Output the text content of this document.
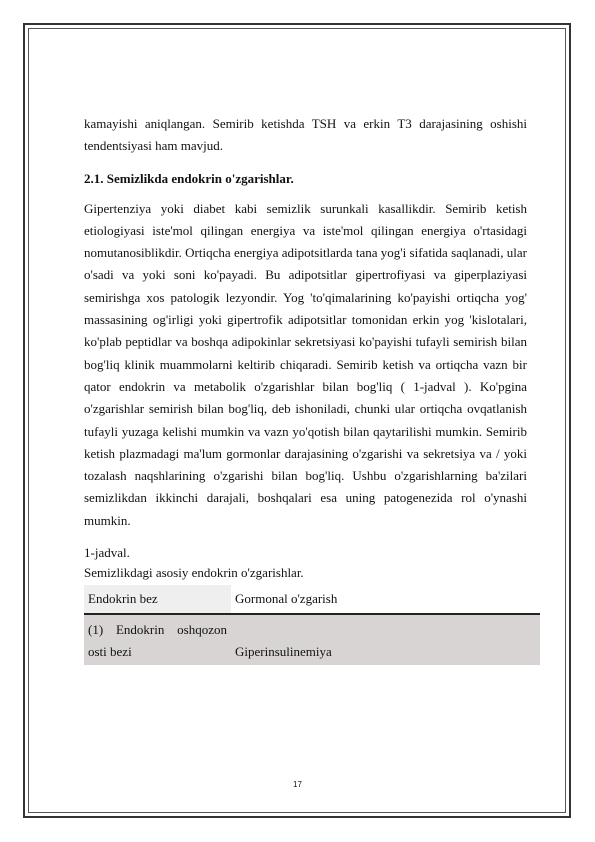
kamayishi aniqlangan. Semirib ketishda TSH va erkin T3 darajasining oshishi tendentsiyasi ham mavjud.

2.1. Semizlikda endokrin o'zgarishlar.

Gipertenziya yoki diabet kabi semizlik surunkali kasallikdir. Semirib ketish etiologiyasi iste'mol qilingan energiya va iste'mol qilingan energiya o'rtasidagi nomutanosiblikdir. Ortiqcha energiya adipotsitlarda tana yog'i sifatida saqlanadi, ular o'sadi va yoki soni ko'payadi. Bu adipotsitlar gipertrofiyasi va giperplaziyasi semirishga xos patologik lezyondir. Yog 'to'qimalarining ko'payishi ortiqcha yog' massasining og'irligi yoki gipertrofik adipotsitlar tomonidan erkin yog 'kislotalari, ko'plab peptidlar va boshqa adipokinlar sekretsiyasi ko'payishi tufayli semirish bilan bog'liq klinik muammolarni keltirib chiqaradi. Semirib ketish va ortiqcha vazn bir qator endokrin va metabolik o'zgarishlar bilan bog'liq ( 1-jadval ). Ko'pgina o'zgarishlar semirish bilan bog'liq, deb ishoniladi, chunki ular ortiqcha ovqatlanish tufayli yuzaga kelishi mumkin va vazn yo'qotish bilan qaytarilishi mumkin. Semirib ketish plazmadagi ma'lum gormonlar darajasining o'zgarishi va sekretsiya va / yoki tozalash naqshlarining o'zgarishi bilan bog'liq. Ushbu o'zgarishlarning ba'zilari semizlikdan ikkinchi darajali, boshqalari esa uning patogenezida rol o'ynashi mumkin.

1-jadval.

Semizlikdagi asosiy endokrin o'zgarishlar.

Endokrin bez	Gormonal o'zgarish

(1) Endokrin oshqozon
osti bezi	Giperinsulinemiya
17
